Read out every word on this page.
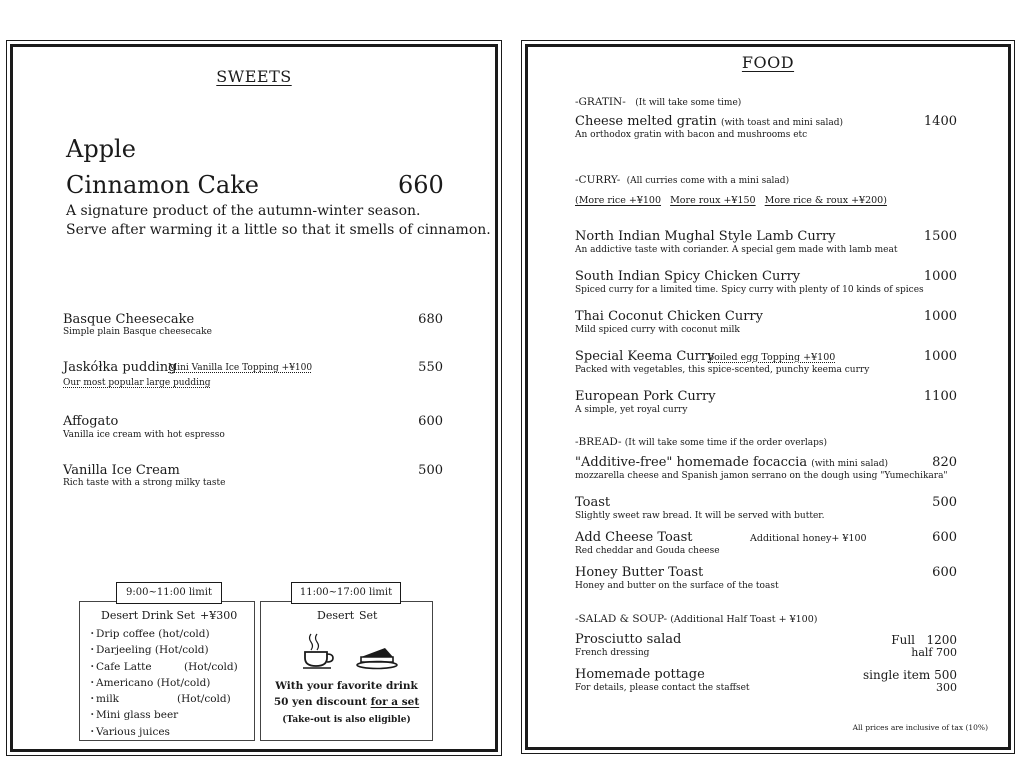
SWEETS
Apple
Cinnamon Cake	660
A signature product of the autumn-winter season.
Serve after warming it a little so that it smells of cinnamon.
Basque Cheesecake
Simple plain Basque cheesecake
680
Jaskółka pudding
Mini Vanilla Ice Topping +¥100
Our most popular large pudding
550
Affogato
Vanilla ice cream with hot espresso
600
Vanilla Ice Cream
Rich taste with a strong milky taste
500
Desert Drink Set +¥300
・
Drip coffee (hot/cold)
・
Darjeeling (Hot/cold)
・
Cafe Latte	(Hot/cold)
・
Americano (Hot/cold)
・
milk	(Hot/cold)
・
Mini glass beer
・
Various juices
9:00~11:00 limit
Desert Set
With your favorite drink
50 yen discount for a set
(Take-out is also eligible)
11:00~17:00 limit
FOOD
-GRATIN- (It will take some time)
Cheese melted gratin (with toast and mini salad)
An orthodox gratin with bacon and mushrooms etc
1400
-CURRY- (All curries come with a mini salad)
(More rice +¥100 More roux +¥150 More rice & roux +¥200)
North Indian Mughal Style Lamb Curry
An addictive taste with coriander. A special gem made with lamb meat
1500
South Indian Spicy Chicken Curry
Spiced curry for a limited time. Spicy curry with plenty of 10 kinds of spices
1000
Thai Coconut Chicken Curry
Mild spiced curry with coconut milk
1000
Special Keema Curry
boiled egg Topping +¥100
Packed with vegetables, this spice-scented, punchy keema curry
1000
European Pork Curry
A simple, yet royal curry
1100
-BREAD- (It will take some time if the order overlaps)
"Additive-free" homemade focaccia (with mini salad)
mozzarella cheese and Spanish jamon serrano on the dough using "Yumechikara"
820
Toast
Slightly sweet raw bread. It will be served with butter.
500
Add Cheese Toast	Additional honey+ ¥100
Red cheddar and Gouda cheese
600
Honey Butter Toast
Honey and butter on the surface of the toast
600
-SALAD & SOUP- (Additional Half Toast + ¥100)
Prosciutto salad
French dressing
Full   1200
half 700
Homemade pottage
For details, please contact the staffset
single item 500
300
All prices are inclusive of tax (10%)
